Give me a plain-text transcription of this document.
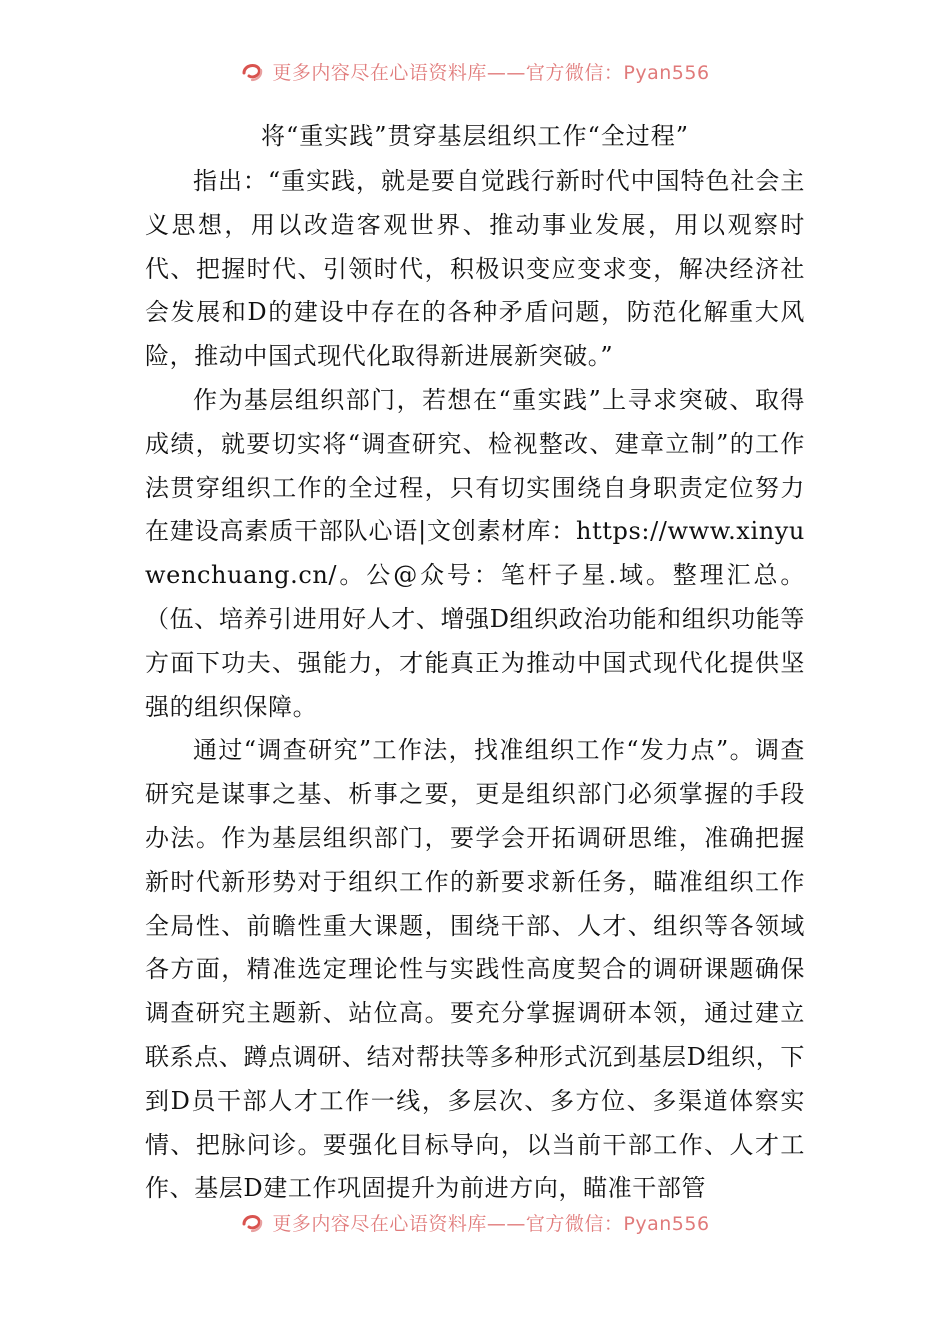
更多内容尽在心语资料库——官方微信：Pyan556
将“重实践”贯穿基层组织工作“全过程”

指出：“重实践，就是要自觉践行新时代中国特色社会主义思想，用以改造客观世界、推动事业发展，用以观察时代、把握时代、引领时代，积极识变应变求变，解决经济社会发展和D的建设中存在的各种矛盾问题，防范化解重大风险，推动中国式现代化取得新进展新突破。”

作为基层组织部门，若想在“重实践”上寻求突破、取得成绩，就要切实将“调查研究、检视整改、建章立制”的工作法贯穿组织工作的全过程，只有切实围绕自身职责定位努力在建设高素质干部队心语|文创素材库：https://www.xinyuwenchuang.cn/。公@众号：笔杆子星.域。整理汇总。（伍、培养引进用好人才、增强D组织政治功能和组织功能等方面下功夫、强能力，才能真正为推动中国式现代化提供坚强的组织保障。

通过“调查研究”工作法，找准组织工作“发力点”。调查研究是谋事之基、析事之要，更是组织部门必须掌握的手段办法。作为基层组织部门，要学会开拓调研思维，准确把握新时代新形势对于组织工作的新要求新任务，瞄准组织工作全局性、前瞻性重大课题，围绕干部、人才、组织等各领域各方面，精准选定理论性与实践性高度契合的调研课题确保调查研究主题新、站位高。要充分掌握调研本领，通过建立联系点、蹲点调研、结对帮扶等多种形式沉到基层D组织，下到D员干部人才工作一线，多层次、多方位、多渠道体察实情、把脉问诊。要强化目标导向，以当前干部工作、人才工作、基层D建工作巩固提升为前进方向，瞄准干部管

更多内容尽在心语资料库——官方微信：Pyan556
